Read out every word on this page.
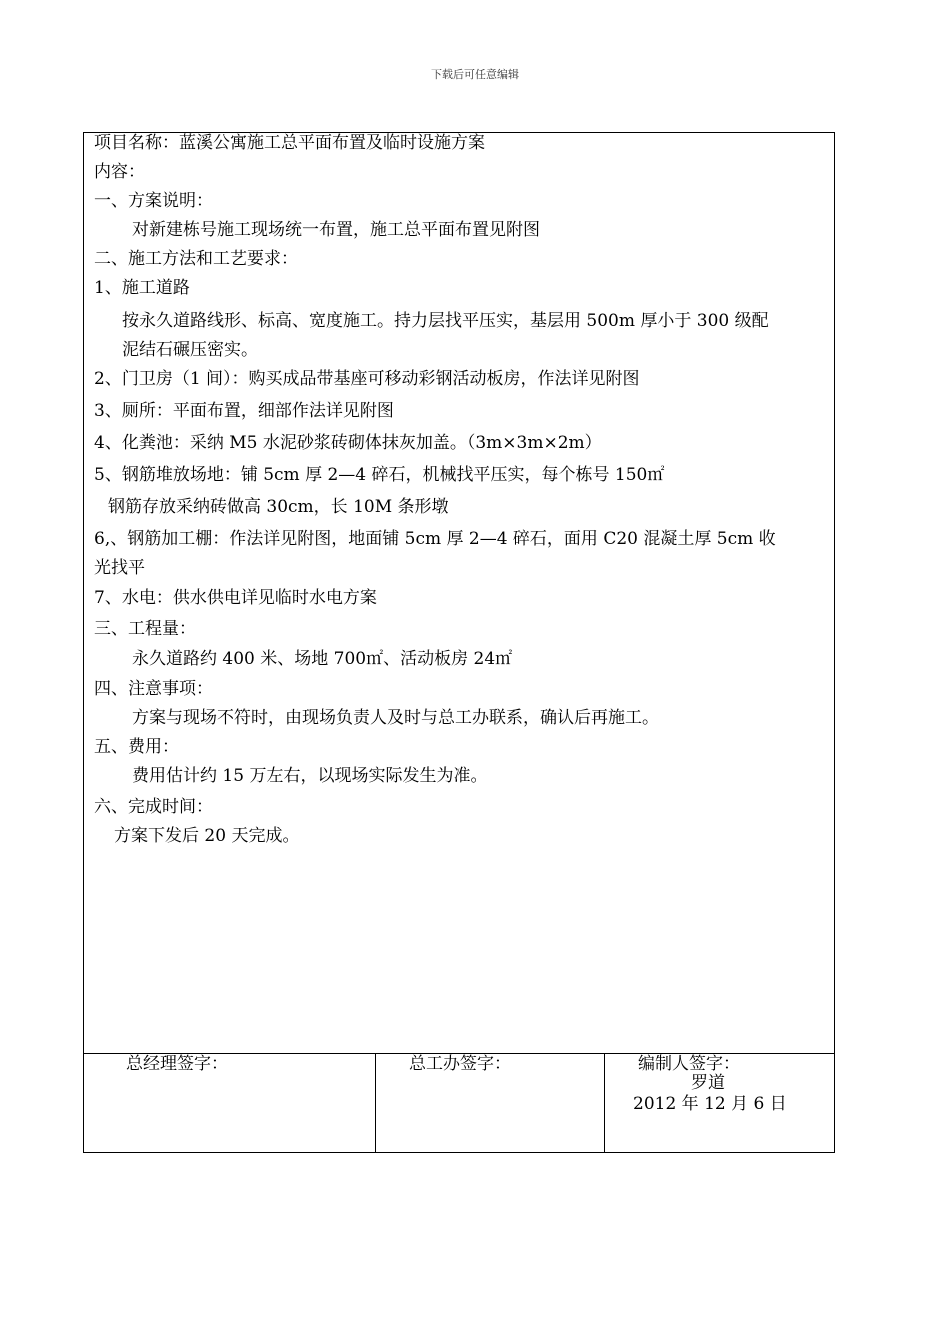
下载后可任意编辑
项目名称：蓝溪公寓施工总平面布置及临时设施方案
内容：
一、方案说明：
对新建栋号施工现场统一布置，施工总平面布置见附图
二、施工方法和工艺要求：
1、施工道路
按永久道路线形、标高、宽度施工。持力层找平压实，基层用 500m 厚小于 300 级配
泥结石碾压密实。
2、门卫房（1 间）：购买成品带基座可移动彩钢活动板房，作法详见附图
3、厕所：平面布置，细部作法详见附图
4、化粪池：采纳 M5 水泥砂浆砖砌体抹灰加盖。（3m×3m×2m）
5、钢筋堆放场地：铺 5cm 厚 2—4 碎石，机械找平压实，每个栋号 150㎡
钢筋存放采纳砖做高 30cm，长 10M 条形墩
6,、钢筋加工棚：作法详见附图，地面铺 5cm 厚 2—4 碎石，面用 C20 混凝土厚 5cm 收
光找平
7、水电：供水供电详见临时水电方案
三、工程量：
永久道路约 400 米、场地 700㎡、活动板房 24㎡
四、注意事项：
方案与现场不符时，由现场负责人及时与总工办联系，确认后再施工。
五、费用：
费用估计约 15 万左右，以现场实际发生为准。
六、完成时间：
方案下发后 20 天完成。
总经理签字：	总工办签字：	编制人签字：
罗道
2012 年 12 月 6 日
